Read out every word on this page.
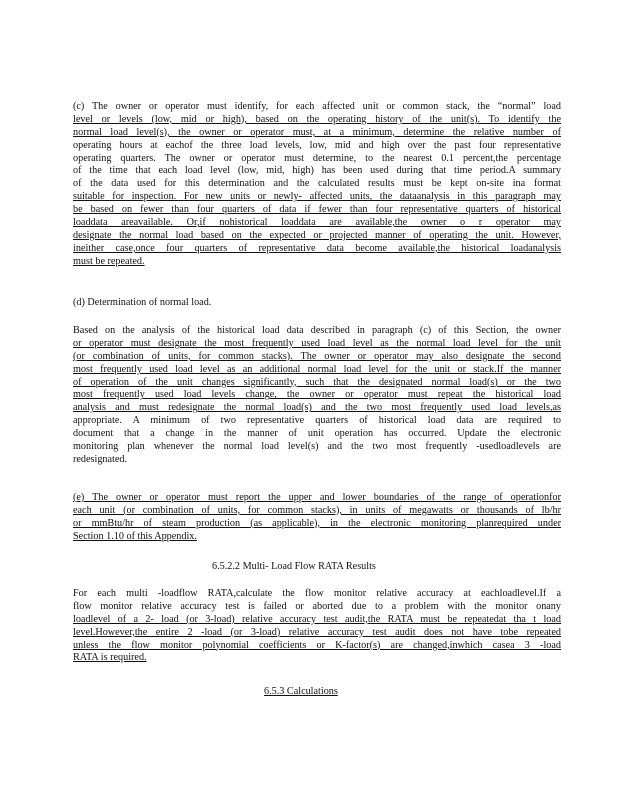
(c) The owner or operator must identify, for each affected unit or common stack, the “normal” load
level or levels (low, mid or high), based on the operating history of the unit(s). To identify the
normal load level(s), the owner or operator must, at a minimum, determine the relative number of
operating hours at eachof the three load levels, low, mid and high over the past four representative
operating quarters. The owner or operator must determine, to the nearest 0.1 percent,the percentage
of the time that each load level (low, mid, high) has been used during that time period.A summary
of the data used for this determination and the calculated results must be kept on-site ina format
suitable for inspection. For new units or newly- affected units, the dataanalysis in this paragraph may
be based on fewer than four quarters of data if fewer than four representative quarters of historical
loaddata areavailable. Or,if nohistorical loaddata are available,the owner o r operator may
designate the normal load based on the expected or projected manner of operating the unit. However,
ineither case,once four quarters of representative data become available,the historical loadanalysis
must be repeated.
(d) Determination of normal load.
Based on the analysis of the historical load data described in paragraph (c) of this Section, the owner
or operator must designate the most frequently used load level as the normal load level for the unit
(or combination of units, for common stacks). The owner or operator may also designate the second
most frequently used load level as an additional normal load level for the unit or stack.If the manner
of operation of the unit changes significantly, such that the designated normal load(s) or the two
most frequently used load levels change, the owner or operator must repeat the historical load
analysis and must redesignate the normal load(s) and the two most frequently used load levels,as
appropriate. A minimum of two representative quarters of historical load data are required to
document that a change in the manner of unit operation has occurred. Update the electronic
monitoring plan whenever the normal load level(s) and the two most frequently -usedloadlevels are
redesignated.
(e) The owner or operator must report the upper and lower boundaries of the range of operationfor
each unit (or combination of units, for common stacks), in units of megawatts or thousands of lb/hr
or mmBtu/hr of steam production (as applicable), in the electronic monitoring planrequired under
Section 1.10 of this Appendix.
6.5.2.2 Multi- Load Flow RATA Results
For each multi -loadflow RATA,calculate the flow monitor relative accuracy at eachloadlevel.If a
flow monitor relative accuracy test is failed or aborted due to a problem with the monitor onany
loadlevel of a 2- load (or 3-load) relative accuracy test audit,the RATA must be repeatedat tha t load
level.However,the entire 2 -load (or 3-load) relative accuracy test audit does not have tobe repeated
unless the flow monitor polynomial coefficients or K-factor(s) are changed,inwhich casea 3 -load
RATA is required.
6.5.3 Calculations
